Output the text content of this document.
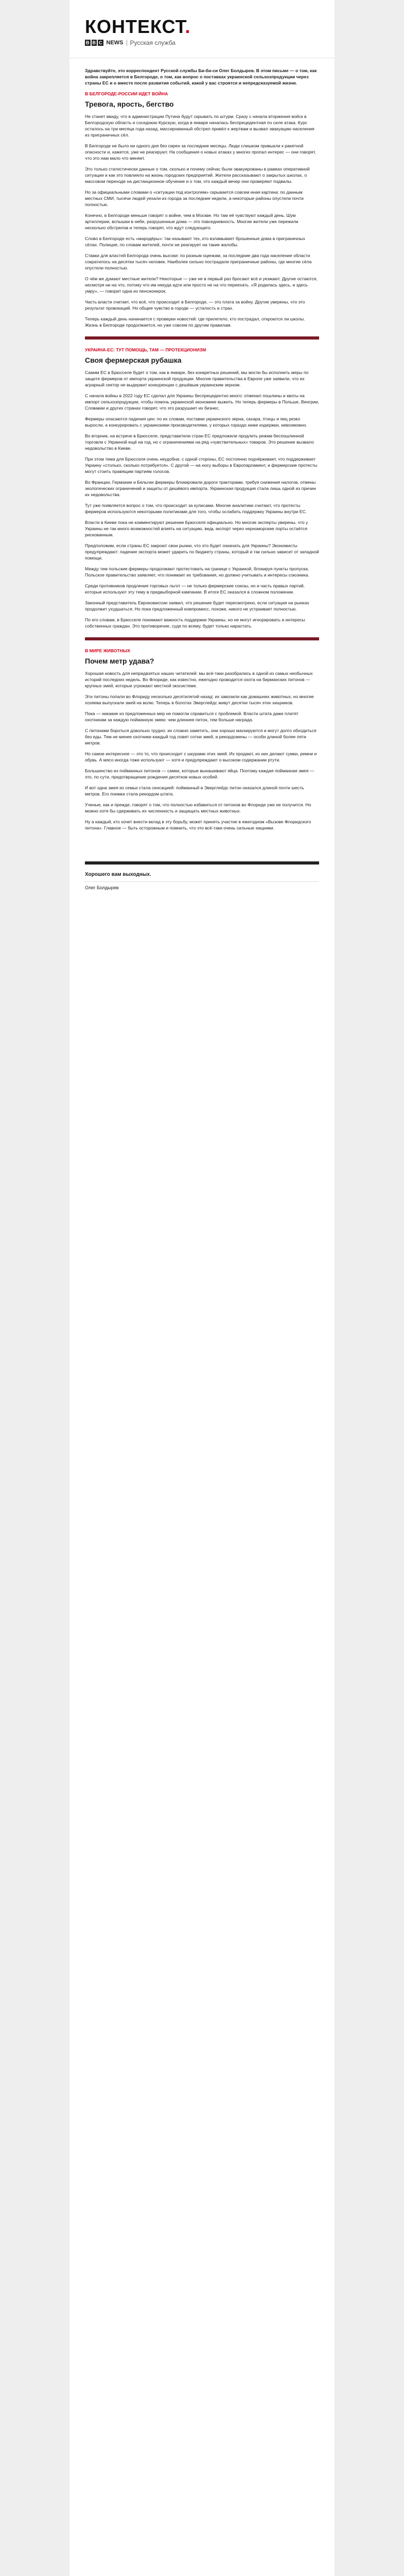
КОНТЕКСТ.
B B C NEWS Русская служба

Здравствуйте, это корреспондент Русской службы Би-би-си Олег Болдырев. В этом письме — о том, как война закрепляется в Белгороде, о том, как вопрос о поставках украинской сельхозпродукции через страны ЕС и о вместе после развития событий, какой у вас строятся и непредсказуемой жизни.

В БЕЛГОРОДЕ-РОССИИ ИДЕТ ВОЙНА
Тревога, ярость, бегство

Не станет ввиду, что в администрации Путина будут скрывать по штурм. Сразу с начала вторжения войск в Белгородскую область и соседнюю Курскую, когда в январе началась беспрецедентная по силе атака. Курс осталось на три месяца года назад, массированный обстрел привёл к жертвам и вызвал эвакуацию населения из приграничных сёл.

В Белгороде не было ни одного дня без сирен за последние месяцы. Люди слишком привыкли к ракетной опасности и, кажется, уже не реагируют. На сообщения о новых атаках у многих пропал интерес — они говорят, что это нам мало что меняет.

Это только статистически данные о том, сколько и почему сейчас были эвакуированы в рамках оперативной ситуации и как это повлияло на жизнь городских предприятий. Жители рассказывают о закрытых школах, о массовом переходе на дистанционное обучение и о том, что каждый вечер они проверяют подвалы.

Но за официальными словами о «ситуации под контролем» скрывается совсем иная картина: по данным местных СМИ, тысячи людей уехали из города за последние недели, а некоторые районы опустели почти полностью.

Конечно, в Белгороде меньше говорят о войне, чем в Москве. Но там её чувствуют каждый день. Шум артиллерии, вспышки в небе, разрушенные дома — это повседневность. Многие жители уже пережили несколько обстрелов и теперь говорят, что ждут следующего.

Слово в Белгороде есть «мародёры»: так называют тех, кто взламывает брошенные дома в приграничных сёлах. Полиция, по словам жителей, почти не реагирует на такие жалобы.

Ставки для властей Белгорода очень высоки: по разным оценкам, за последние два года население области сократилось на десятки тысяч человек. Наиболее сильно пострадали приграничные районы, где многие сёла опустели полностью.

О чём же думают местные жители? Некоторые — уже не в первый раз бросают всё и уезжают. Другие остаются, несмотря ни на что, потому что им некуда идти или просто не на что переехать. «Я родилась здесь, и здесь умру», — говорит одна из пенсионерок.

Часть власти считает, что всё, что происходит в Белгороде, — это плата за войну. Другие уверены, что это результат провокаций. Но общее чувство в городе — усталость и страх.

Теперь каждый день начинается с проверки новостей: где прилетело, кто пострадал, откроются ли школы. Жизнь в Белгороде продолжается, но уже совсем по другим правилам.

УКРАИНА-ЕС: ТУТ ПОМОЩЬ, ТАМ — ПРОТЕКЦИОНИЗМ
Своя фермерская рубашка

Самим ЕС в Брюсселе будет о том, как в январе, без конкретных решений, мы могли бы исполнить меры по защите фермеров от импорта украинской продукции. Многие правительства в Европе уже заявили, что их аграрный сектор не выдержит конкуренции с дешёвым украинским зерном.

С начала войны в 2022 году ЕС сделал для Украины беспрецедентно много: отменил пошлины и квоты на импорт сельхозпродукции, чтобы помочь украинской экономике выжить. Но теперь фермеры в Польше, Венгрии, Словакии и других странах говорят, что это разрушает их бизнес.

Фермеры опасаются падения цен: по их словам, поставки украинского зерна, сахара, птицы и яиц резко выросли, а конкурировать с украинскими производителями, у которых гораздо ниже издержки, невозможно.

Во вторник, на встрече в Брюсселе, представители стран ЕС предложили продлить режим беспошлинной торговли с Украиной ещё на год, но с ограничениями на ряд «чувствительных» товаров. Это решение вызвало недовольство в Киеве.

При этом тема для Брюсселя очень неудобна: с одной стороны, ЕС постоянно подчёркивает, что поддерживает Украину «столько, сколько потребуется». С другой — на носу выборы в Европарламент, и фермерские протесты могут стоить правящим партиям голосов.

Во Франции, Германии и Бельгии фермеры блокировали дороги тракторами, требуя снижения налогов, отмены экологических ограничений и защиты от дешёвого импорта. Украинская продукция стала лишь одной из причин их недовольства.

Тут уже появляется вопрос о том, что происходит за кулисами. Многие аналитики считают, что протесты фермеров используются некоторыми политиками для того, чтобы ослабить поддержку Украины внутри ЕС.

Власти в Киеве пока не комментируют решение Брюсселя официально. Но многие эксперты уверены, что у Украины не так много возможностей влиять на ситуацию, ведь экспорт через черноморские порты остаётся рискованным.

Предположим, если страны ЕС закроют свои рынки, что это будет означать для Украины? Экономисты предупреждают: падение экспорта может ударить по бюджету страны, который и так сильно зависит от западной помощи.

Между тем польские фермеры продолжают протестовать на границе с Украиной, блокируя пункты пропуска. Польское правительство заявляет, что понимает их требования, но должно учитывать и интересы союзника.

Среди противников продления торговых льгот — не только фермерские союзы, но и часть правых партий, которые используют эту тему в предвыборной кампании. В итоге ЕС оказался в сложном положении.

Законный представитель Еврокомиссии заявил, что решение будет пересмотрено, если ситуация на рынках продолжит ухудшаться. Но пока предложенный компромисс, похоже, никого не устраивает полностью.

По его словам, в Брюсселе понимают важность поддержки Украины, но не могут игнорировать и интересы собственных граждан. Это противоречие, судя по всему, будет только нарастать.

В МИРЕ ЖИВОТНЫХ
Почем метр удава?

Хорошая новость для непредвзятых наших читателей: мы всё-таки разобрались в одной из самых необычных историй последних недель. Во Флориде, как известно, ежегодно проводится охота на бирманских питонов — крупных змей, которые угрожают местной экосистеме.

Эти питоны попали во Флориду несколько десятилетий назад: их завозили как домашних животных, но многие хозяева выпускали змей на волю. Теперь в болотах Эверглейдс живут десятки тысяч этих хищников.

Пока — никакие из предложенных мер не помогли справиться с проблемой. Власти штата даже платят охотникам за каждую пойманную змею: чем длиннее питон, тем больше награда.

С питонами бороться довольно трудно: их сложно заметить, они хорошо маскируются и могут долго обходиться без еды. Тем не менее охотники каждый год ловят сотни змей, а рекордсмены — особи длиной более пяти метров.

Но самое интересное — это то, что происходит с шкурами этих змей. Их продают, из них делают сумки, ремни и обувь. А мясо иногда тоже используют — хотя и предупреждают о высоком содержании ртути.

Большинство из пойманных питонов — самки, которые вынашивают яйца. Поэтому каждая пойманная змея — это, по сути, предотвращение рождения десятков новых особей.

И вот одна змея из семьи стала сенсацией: пойманный в Эверглейдс питон оказался длиной почти шесть метров. Его поимка стала рекордом штата.

Ученые, как и прежде, говорят о том, что полностью избавиться от питонов во Флориде уже не получится. Но можно хотя бы сдерживать их численность и защищать местных животных.

Ну а каждый, кто хочет внести вклад в эту борьбу, может принять участие в ежегодном «Вызове Флоридского питона». Главное — быть осторожным и помнить, что это всё-таки очень сильные хищники.

Хорошего вам выходных.
Олег Болдырев
